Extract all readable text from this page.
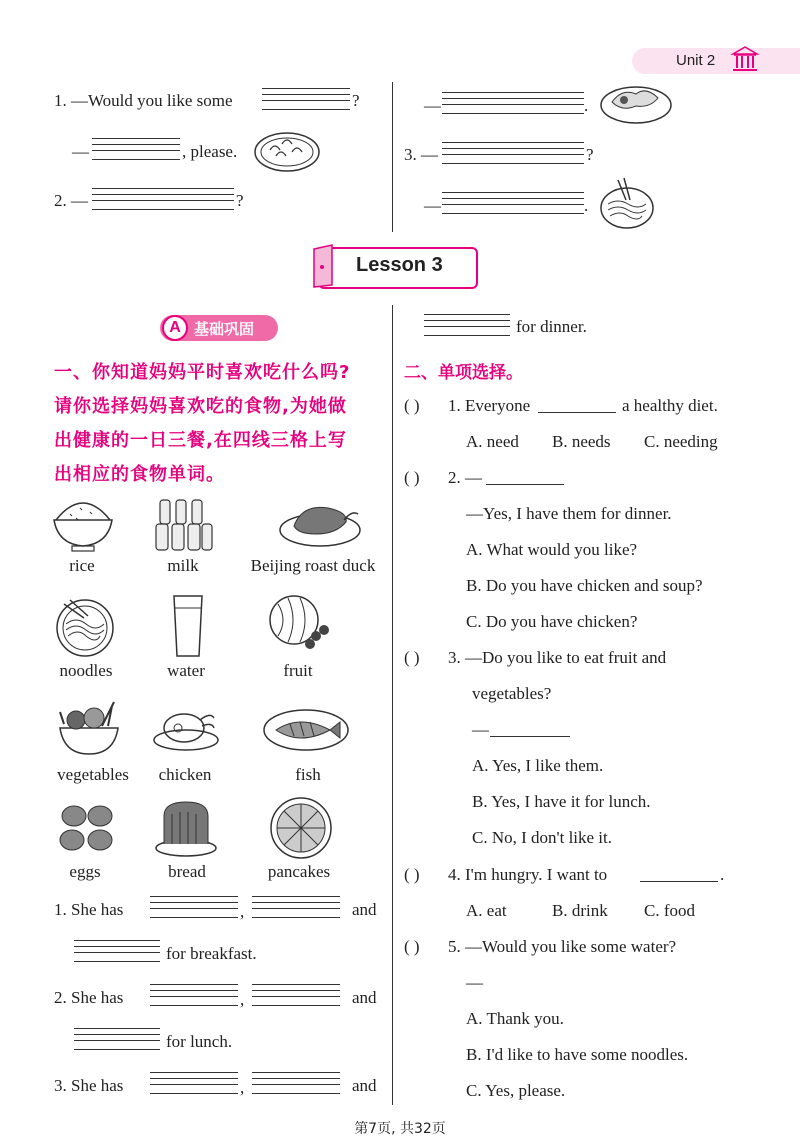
Unit 2
1. —Would you like some	?
—	, please.
2. —	?
—	.
3. —	?
—	.
Lesson 3
A 基础巩固
一、你知道妈妈平时喜欢吃什么吗?
请你选择妈妈喜欢吃的食物,为她做
出健康的一日三餐,在四线三格上写
出相应的食物单词。
rice	milk	Beijing roast duck
noodles	water	fruit
vegetables	chicken	fish
eggs	bread	pancakes
1. She has	,	and
for breakfast.
2. She has	,	and
for lunch.
3. She has	,	and
for dinner.
二、单项选择。
( ) 1. Everyone	a healthy diet.
A. need B. needs C. needing
( ) 2. —
—Yes, I have them for dinner.
A. What would you like?
B. Do you have chicken and soup?
C. Do you have chicken?
( ) 3. —Do you like to eat fruit and
vegetables?
—
A. Yes, I like them.
B. Yes, I have it for lunch.
C. No, I don't like it.
( ) 4. I'm hungry. I want to	.
A. eat	B. drink C. food
( ) 5. —Would you like some water?
—
A. Thank you.
B. I'd like to have some noodles.
C. Yes, please.
第7页, 共32页
